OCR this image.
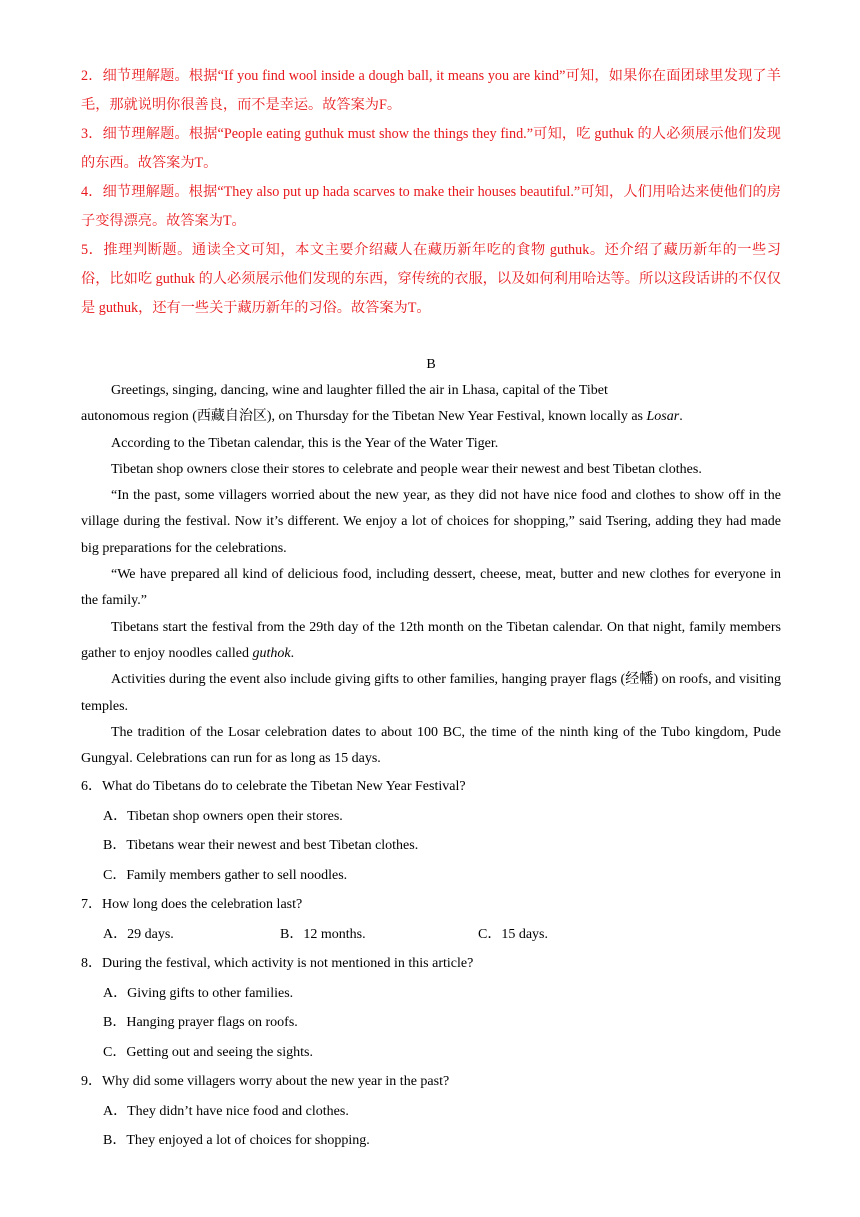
2．细节理解题。根据“If you find wool inside a dough ball, it means you are kind”可知，如果你在面团球里发现了羊毛，那就说明你很善良，而不是幸运。故答案为F。

3．细节理解题。根据“People eating guthuk must show the things they find.”可知，吃 guthuk 的人必须展示他们发现的东西。故答案为T。

4．细节理解题。根据“They also put up hada scarves to make their houses beautiful.”可知，人们用哈达来使他们的房子变得漂亮。故答案为T。

5．推理判断题。通读全文可知，本文主要介绍藏人在藏历新年吃的食物 guthuk。还介绍了藏历新年的一些习俗，比如吃 guthuk 的人必须展示他们发现的东西，穿传统的衣服，以及如何利用哈达等。所以这段话讲的不仅仅是 guthuk，还有一些关于藏历新年的习俗。故答案为T。

B

Greetings, singing, dancing, wine and laughter filled the air in Lhasa, capital of the Tibet

autonomous region (西藏自治区), on Thursday for the Tibetan New Year Festival, known locally as Losar.

According to the Tibetan calendar, this is the Year of the Water Tiger.

Tibetan shop owners close their stores to celebrate and people wear their newest and best Tibetan clothes.

“In the past, some villagers worried about the new year, as they did not have nice food and clothes to show off in the village during the festival. Now it’s different. We enjoy a lot of choices for shopping,” said Tsering, adding they had made big preparations for the celebrations.

“We have prepared all kind of delicious food, including dessert, cheese, meat, butter and new clothes for everyone in the family.”

Tibetans start the festival from the 29th day of the 12th month on the Tibetan calendar. On that night, family members gather to enjoy noodles called guthok.

Activities during the event also include giving gifts to other families, hanging prayer flags (经幡) on roofs, and visiting temples.

The tradition of the Losar celebration dates to about 100 BC, the time of the ninth king of the Tubo kingdom, Pude Gungyal. Celebrations can run for as long as 15 days.

6．What do Tibetans do to celebrate the Tibetan New Year Festival?

A．Tibetan shop owners open their stores.

B．Tibetans wear their newest and best Tibetan clothes.

C．Family members gather to sell noodles.

7．How long does the celebration last?

A．29 days.	B．12 months.	C．15 days.

8．During the festival, which activity is not mentioned in this article?

A．Giving gifts to other families.

B．Hanging prayer flags on roofs.

C．Getting out and seeing the sights.

9．Why did some villagers worry about the new year in the past?

A．They didn’t have nice food and clothes.

B．They enjoyed a lot of choices for shopping.
